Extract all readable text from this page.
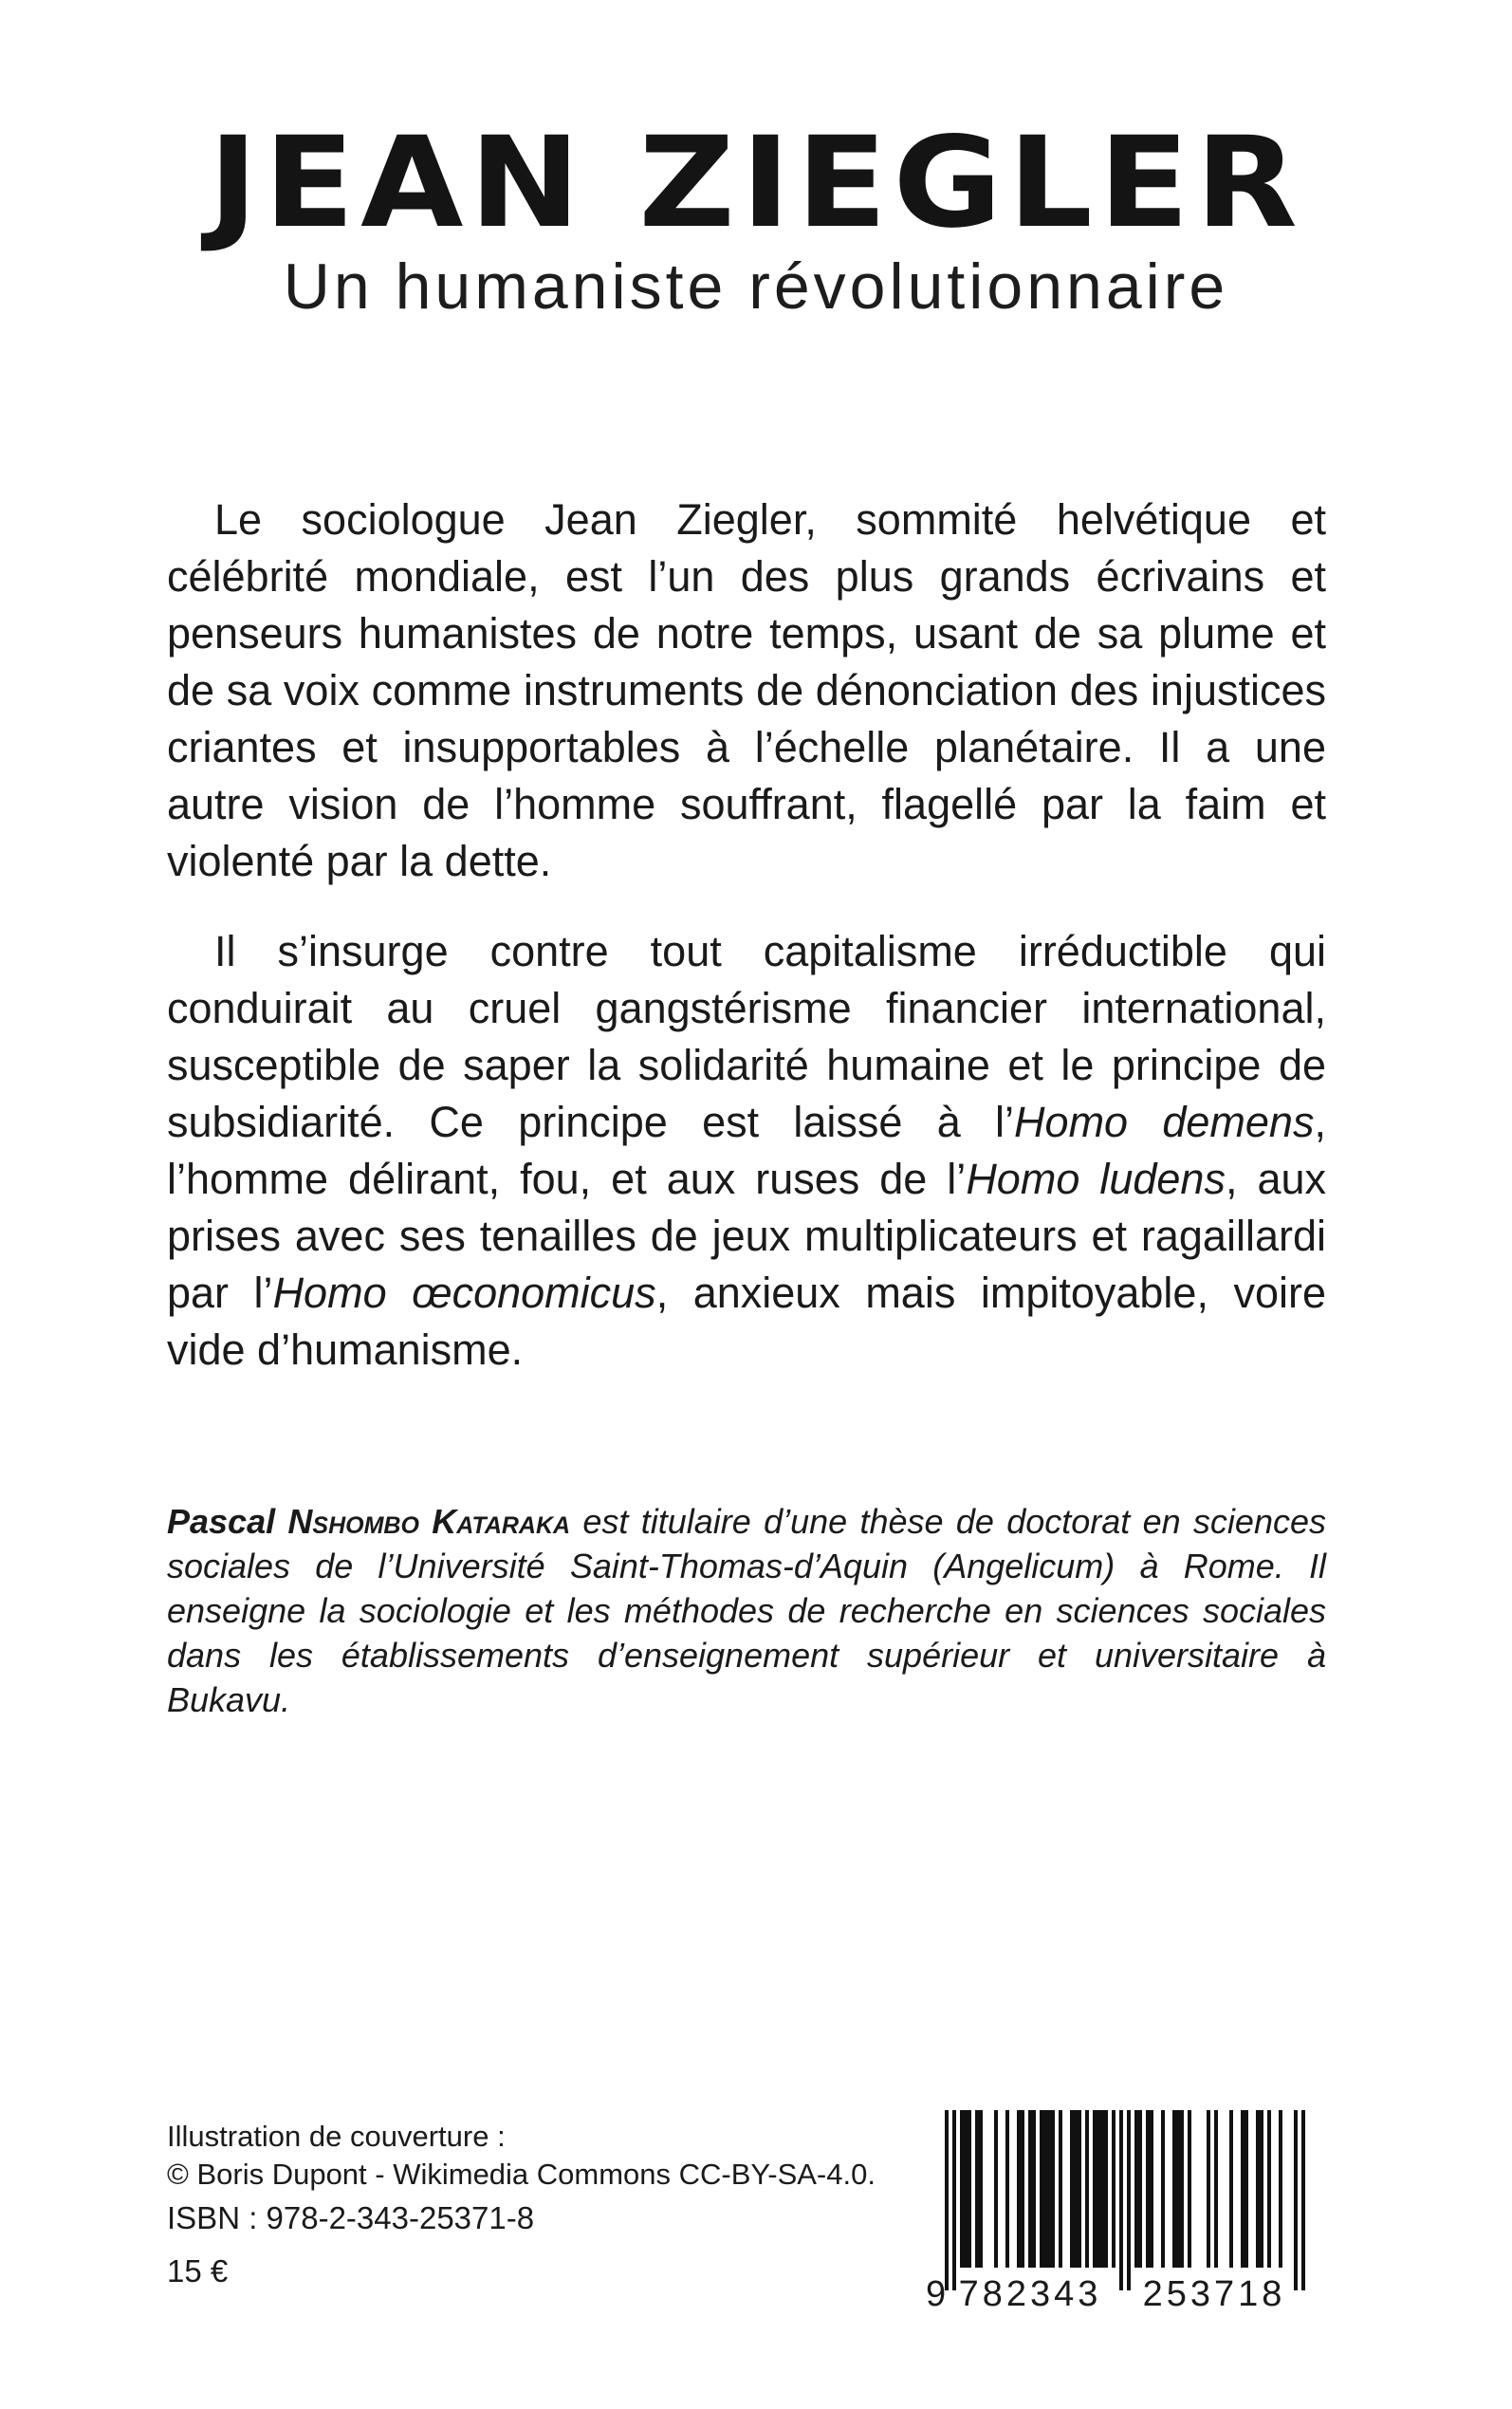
JEAN ZIEGLER
Un humaniste révolutionnaire

Le sociologue Jean Ziegler, sommité helvétique et célébrité mondiale, est l’un des plus grands écrivains et penseurs humanistes de notre temps, usant de sa plume et de sa voix comme instruments de dénonciation des injustices criantes et insupportables à l’échelle planétaire. Il a une autre vision de l’homme souffrant, flagellé par la faim et violenté par la dette.

Il s’insurge contre tout capitalisme irréductible qui conduirait au cruel gangstérisme financier international, susceptible de saper la solidarité humaine et le principe de subsidiarité. Ce principe est laissé à l’Homo demens, l’homme délirant, fou, et aux ruses de l’Homo ludens, aux prises avec ses tenailles de jeux multiplicateurs et ragaillardi par l’Homo œconomicus, anxieux mais impitoyable, voire vide d’humanisme.

Pascal Nshombo Kataraka est titulaire d’une thèse de doctorat en sciences sociales de l’Université Saint-Thomas-d’Aquin (Angelicum) à Rome. Il enseigne la sociologie et les méthodes de recherche en sciences sociales dans les établissements d’enseignement supérieur et universitaire à Bukavu.

Illustration de couverture :
© Boris Dupont - Wikimedia Commons CC-BY-SA-4.0.
ISBN : 978-2-343-25371-8
15 €
9 782343 253718
